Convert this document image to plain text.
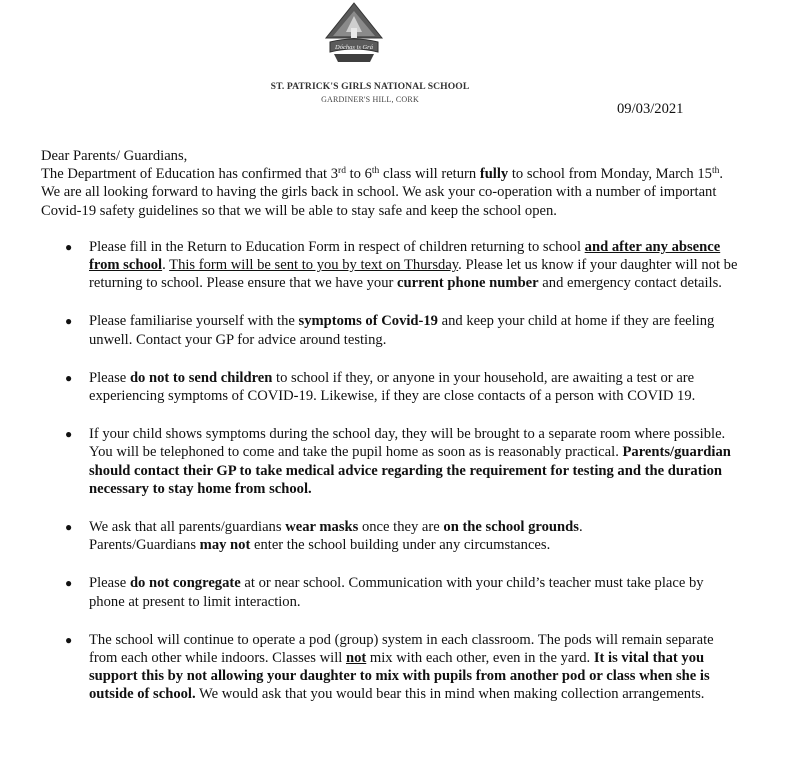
Dóchas is Grá
ST. PATRICK'S GIRLS NATIONAL SCHOOL
GARDINER'S HILL, CORK
09/03/2021

Dear Parents/ Guardians,

The Department of Education has confirmed that 3rd to 6th class will return fully to school from Monday, March 15th. We are all looking forward to having the girls back in school. We ask your co-operation with a number of important Covid-19 safety guidelines so that we will be able to stay safe and keep the school open.

● Please fill in the Return to Education Form in respect of children returning to school and after any absence from school. This form will be sent to you by text on Thursday. Please let us know if your daughter will not be returning to school. Please ensure that we have your current phone number and emergency contact details.
● Please familiarise yourself with the symptoms of Covid-19 and keep your child at home if they are feeling unwell. Contact your GP for advice around testing.
● Please do not to send children to school if they, or anyone in your household, are awaiting a test or are experiencing symptoms of COVID-19. Likewise, if they are close contacts of a person with COVID 19.
● If your child shows symptoms during the school day, they will be brought to a separate room where possible. You will be telephoned to come and take the pupil home as soon as is reasonably practical. Parents/guardian should contact their GP to take medical advice regarding the requirement for testing and the duration necessary to stay home from school.
● We ask that all parents/guardians wear masks once they are on the school grounds.
Parents/Guardians may not enter the school building under any circumstances.
● Please do not congregate at or near school. Communication with your child’s teacher must take place by phone at present to limit interaction.
● The school will continue to operate a pod (group) system in each classroom. The pods will remain separate from each other while indoors. Classes will not mix with each other, even in the yard. It is vital that you support this by not allowing your daughter to mix with pupils from another pod or class when she is outside of school. We would ask that you would bear this in mind when making collection arrangements.
